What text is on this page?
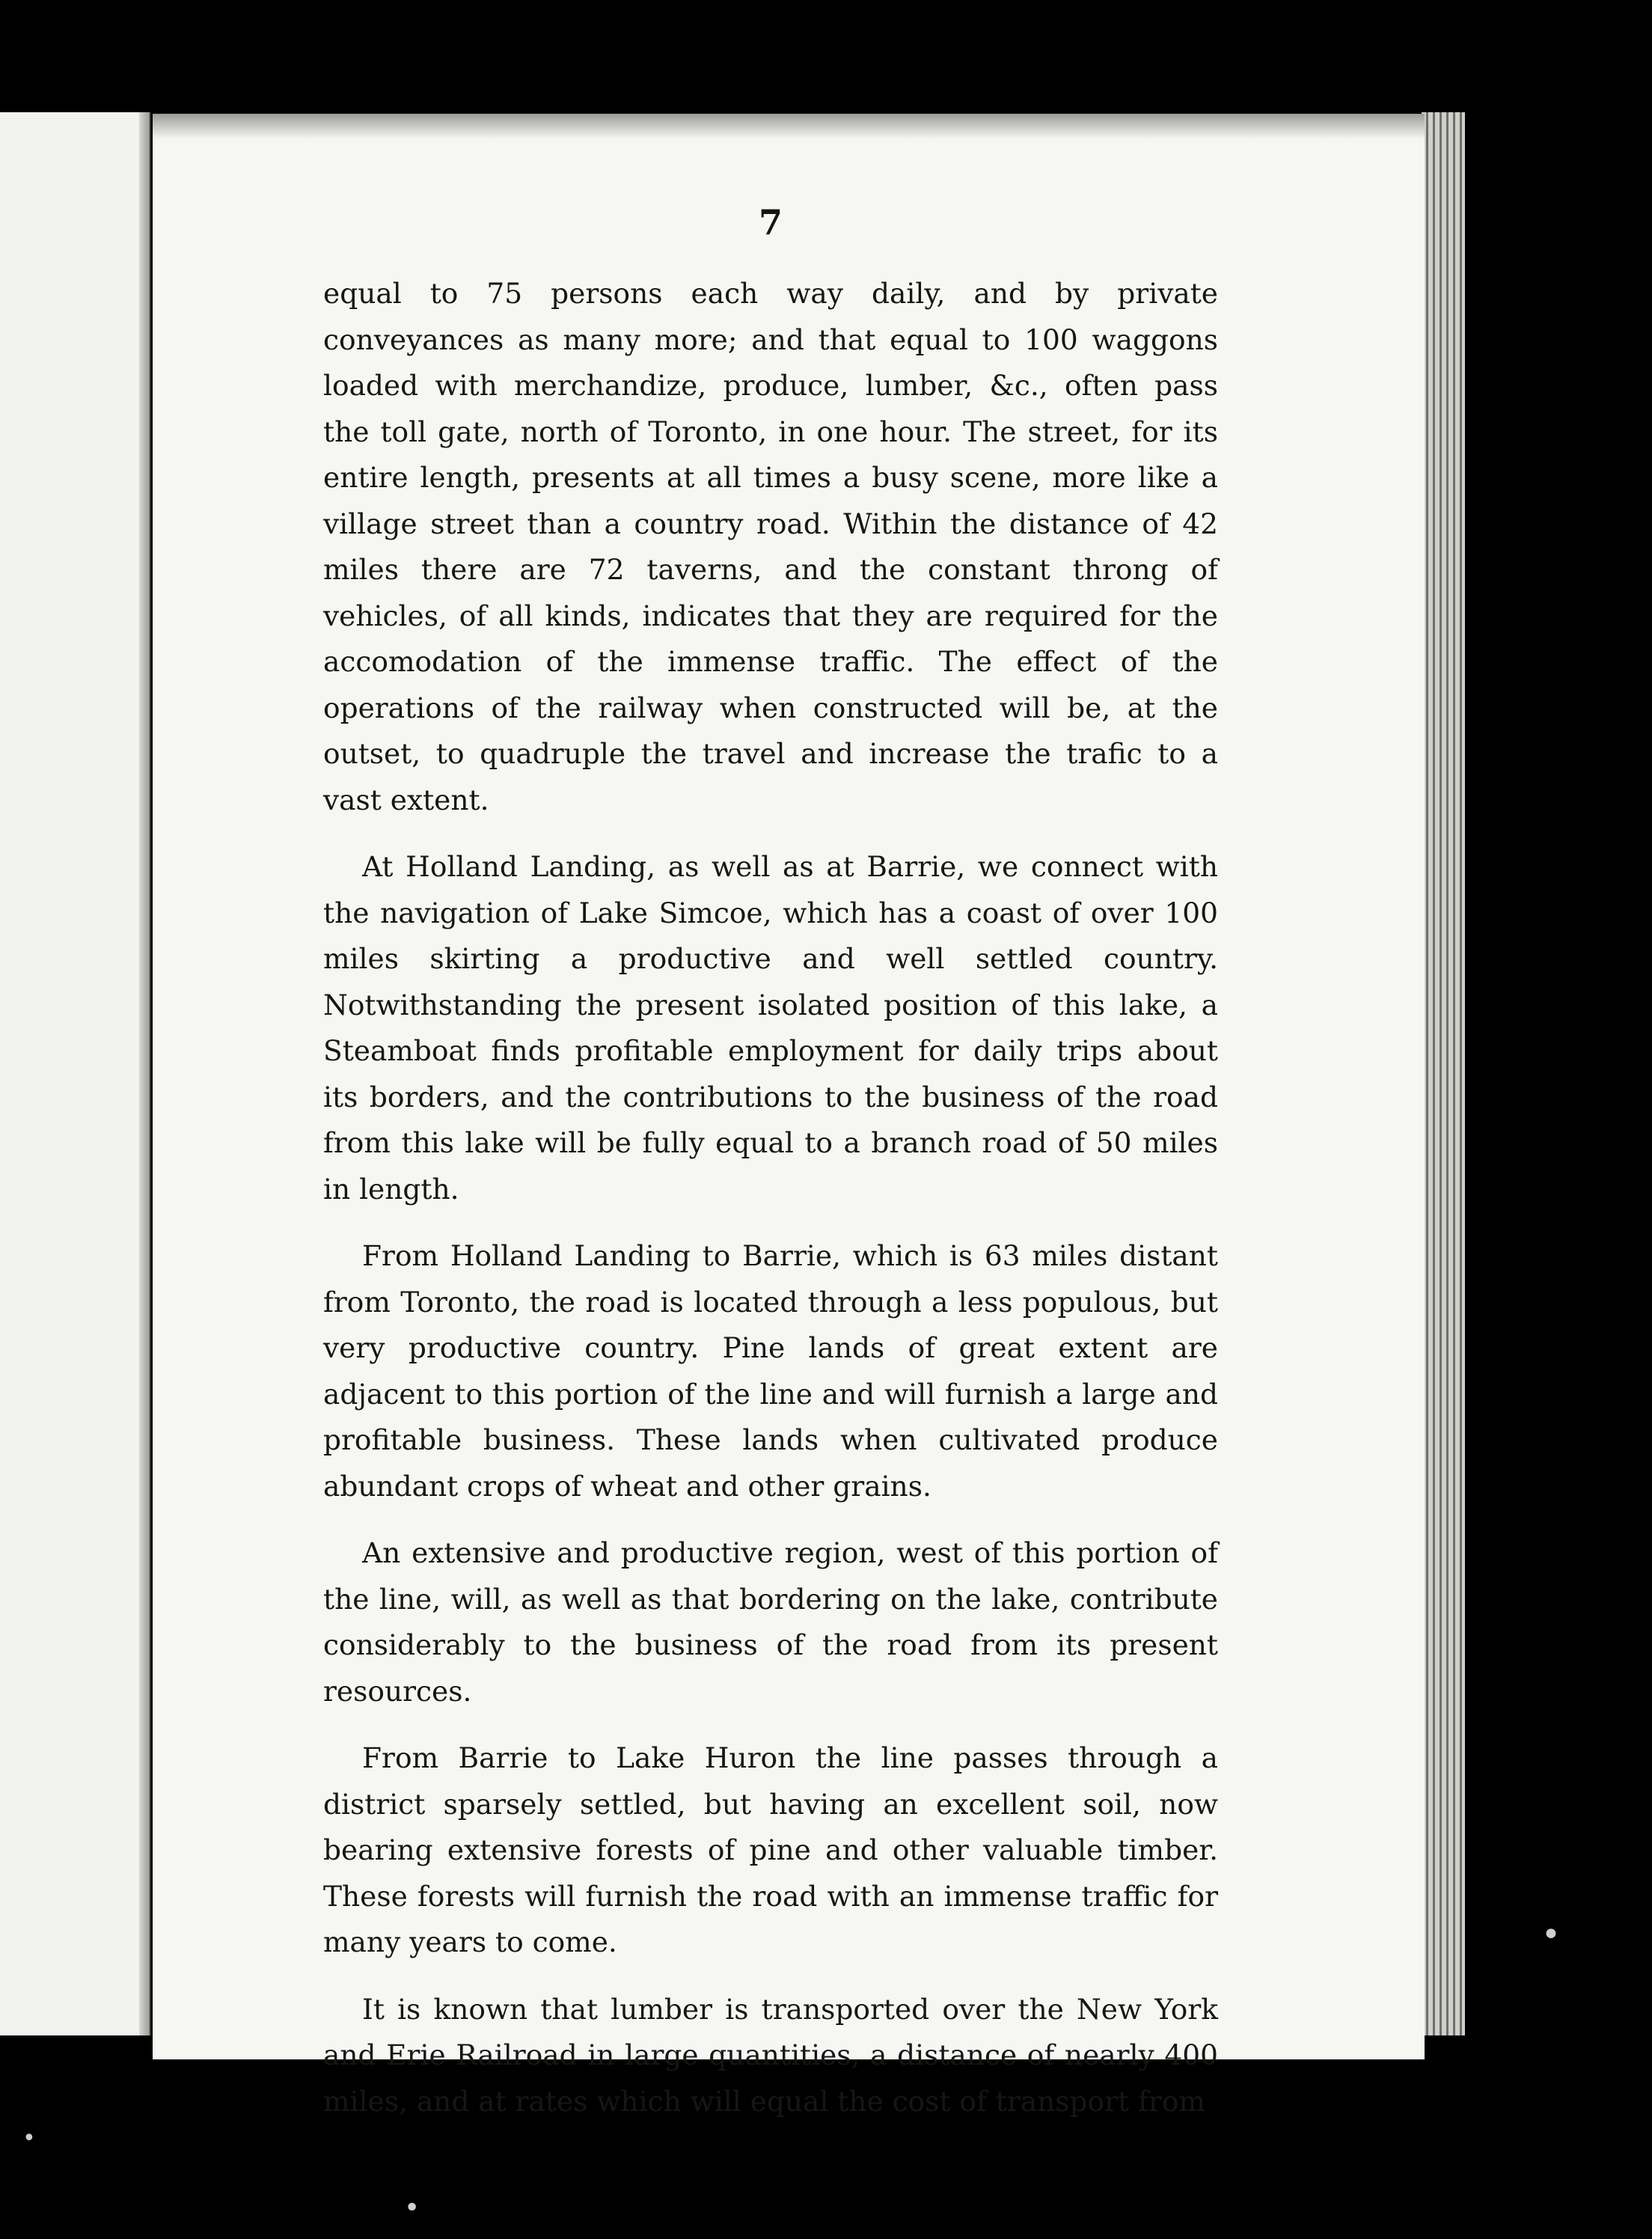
7

equal to 75 persons each way daily, and by private conveyances as many more; and that equal to 100 waggons loaded with merchandize, produce, lumber, &c., often pass the toll gate, north of Toronto, in one hour. The street, for its entire length, presents at all times a busy scene, more like a village street than a country road. Within the distance of 42 miles there are 72 taverns, and the constant throng of vehicles, of all kinds, indicates that they are required for the accomodation of the immense traffic. The effect of the operations of the railway when constructed will be, at the outset, to quadruple the travel and increase the trafic to a vast extent.

At Holland Landing, as well as at Barrie, we connect with the navigation of Lake Simcoe, which has a coast of over 100 miles skirting a productive and well settled country. Notwithstanding the present isolated position of this lake, a Steamboat finds profitable employment for daily trips about its borders, and the contributions to the business of the road from this lake will be fully equal to a branch road of 50 miles in length.

From Holland Landing to Barrie, which is 63 miles distant from Toronto, the road is located through a less populous, but very productive country. Pine lands of great extent are adjacent to this portion of the line and will furnish a large and profitable business. These lands when cultivated produce abundant crops of wheat and other grains.

An extensive and productive region, west of this portion of the line, will, as well as that bordering on the lake, contribute considerably to the business of the road from its present resources.

From Barrie to Lake Huron the line passes through a district sparsely settled, but having an excellent soil, now bearing extensive forests of pine and other valuable timber. These forests will furnish the road with an immense traffic for many years to come.

It is known that lumber is transported over the New York and Erie Railroad in large quantities, a distance of nearly 400 miles, and at rates which will equal the cost of transport from

•
•
•
